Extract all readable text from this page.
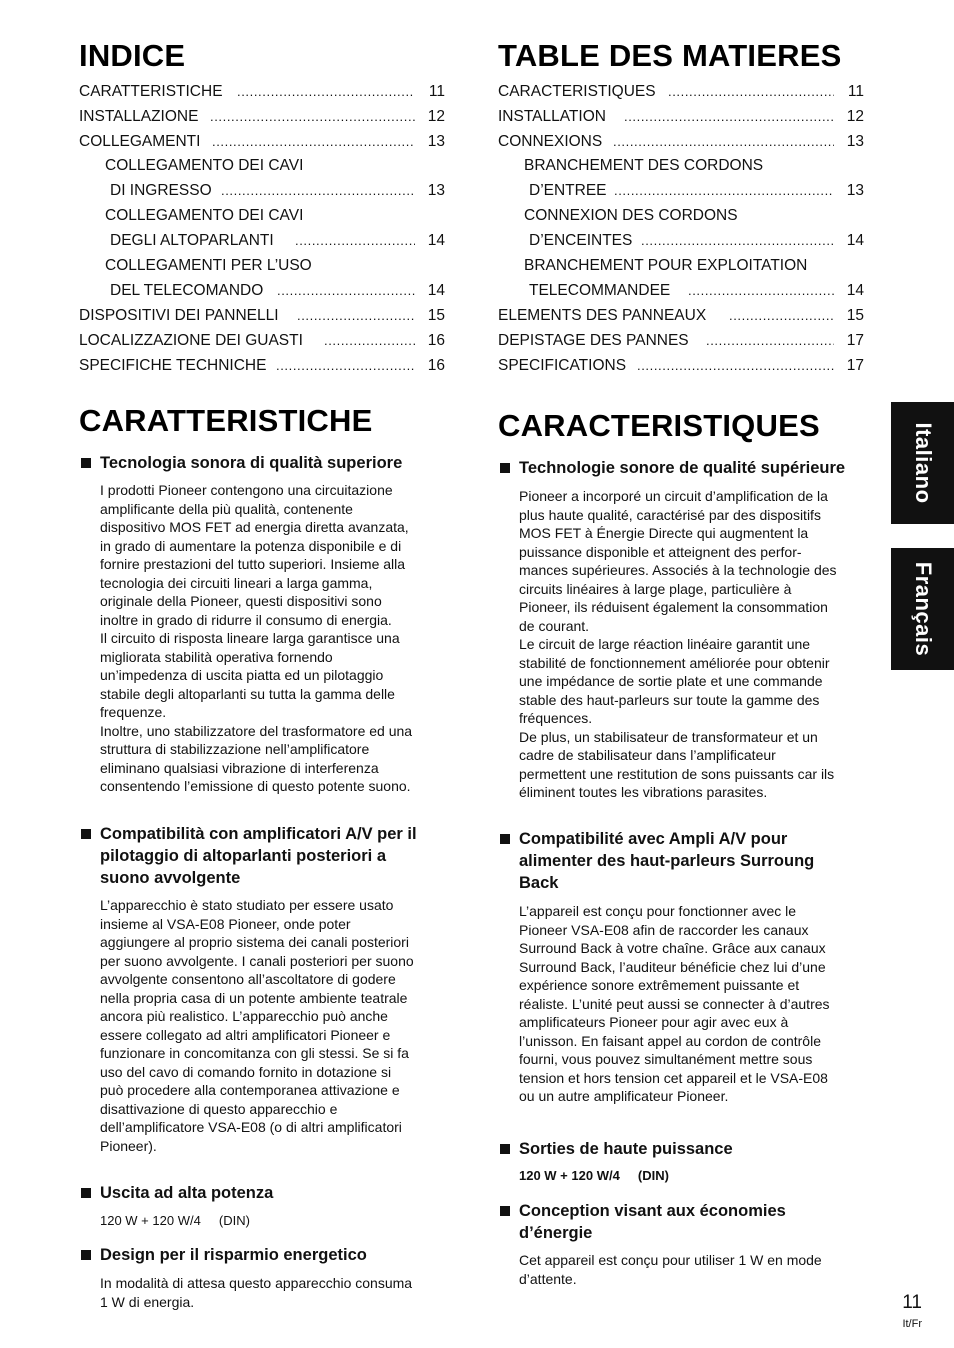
INDICE
CARATTERISTICHE .....	11
INSTALLAZIONE .....	12
COLLEGAMENTI .....	13
COLLEGAMENTO DEI CAVI
DI INGRESSO .....	13
COLLEGAMENTO DEI CAVI
DEGLI ALTOPARLANTI .....	14
COLLEGAMENTI PER L’USO
DEL TELECOMANDO .....	14
DISPOSITIVI DEI PANNELLI .....	15
LOCALIZZAZIONE DEI GUASTI .....	16
SPECIFICHE TECHNICHE .....	16
CARATTERISTICHE
Tecnologia sonora di qualità superiore
I prodotti Pioneer contengono una circuitazione
amplificante della più qualità, contenente
dispositivo MOS FET ad energia diretta avanzata,
in grado di aumentare la potenza disponibile e di
fornire prestazioni del tutto superiori. Insieme alla
tecnologia dei circuiti lineari a larga gamma,
originale della Pioneer, questi dispositivi sono
inoltre in grado di ridurre il consumo di energia.
Il circuito di risposta lineare larga garantisce una
migliorata stabilità operativa fornendo
un’impedenza di uscita piatta ed un pilotaggio
stabile degli altoparlanti su tutta la gamma delle
frequenze.
Inoltre, uno stabilizzatore del trasformatore ed una
struttura di stabilizzazione nell’amplificatore
eliminano qualsiasi vibrazione di interferenza
consentendo l’emissione di questo potente suono.
Compatibilità con amplificatori A/V per il
pilotaggio di altoparlanti posteriori a
suono avvolgente
L’apparecchio è stato studiato per essere usato
insieme al VSA-E08 Pioneer, onde poter
aggiungere al proprio sistema dei canali posteriori
per suono avvolgente. I canali posteriori per suono
avvolgente consentono all’ascoltatore di godere
nella propria casa di un potente ambiente teatrale
ancora più realistico. L’apparecchio può anche
essere collegato ad altri amplificatori Pioneer e
funzionare in concomitanza con gli stessi. Se si fa
uso del cavo di comando fornito in dotazione si
può procedere alla contemporanea attivazione e
disattivazione di questo apparecchio e
dell’amplificatore VSA-E08 (o di altri amplificatori
Pioneer).
Uscita ad alta potenza
120 W + 120 W/4     (DIN)
Design per il risparmio energetico
In modalità di attesa questo apparecchio consuma
1 W di energia.
TABLE DES MATIERES
CARACTERISTIQUES .....	11
INSTALLATION .....	12
CONNEXIONS .....	13
BRANCHEMENT DES CORDONS
D’ENTREE .....	13
CONNEXION DES CORDONS
D’ENCEINTES .....	14
BRANCHEMENT POUR EXPLOITATION
TELECOMMANDEE .....	14
ELEMENTS DES PANNEAUX .....	15
DEPISTAGE DES PANNES .....	17
SPECIFICATIONS .....	17
CARACTERISTIQUES
Technologie sonore de qualité supérieure
Pioneer a incorporé un circuit d’amplification de la
plus haute qualité, caractérisé par des dispositifs
MOS FET à Énergie Directe qui augmentent la
puissance disponible et atteignent des perfor-
mances supérieures. Associés à la technologie des
circuits linéaires à large plage, particulière à
Pioneer, ils réduisent également la consommation
de courant.
Le circuit de large réaction linéaire garantit une
stabilité de fonctionnement améliorée pour obtenir
une impédance de sortie plate et une commande
stable des haut-parleurs sur toute la gamme des
fréquences.
De plus, un stabilisateur de transformateur et un
cadre de stabilisateur dans l’amplificateur
permettent une restitution de sons puissants car ils
éliminent toutes les vibrations parasites.
Compatibilité avec Ampli A/V pour
alimenter des haut-parleurs Surroung
Back
L’appareil est conçu pour fonctionner avec le
Pioneer VSA-E08 afin de raccorder les canaux
Surround Back à votre chaîne. Grâce aux canaux
Surround Back, l’auditeur bénéficie chez lui d’une
expérience sonore extrêmement puissante et
réaliste. L’unité peut aussi se connecter à d’autres
amplificateurs Pioneer pour agir avec eux à
l’unisson. En faisant appel au cordon de contrôle
fourni, vous pouvez simultanément mettre sous
tension et hors tension cet appareil et le VSA-E08
ou un autre amplificateur Pioneer.
Sorties de haute puissance
120 W + 120 W/4     (DIN)
Conception visant aux économies
d’énergie
Cet appareil est conçu pour utiliser 1 W en mode
d’attente.
Italiano
Français
11
It/Fr
